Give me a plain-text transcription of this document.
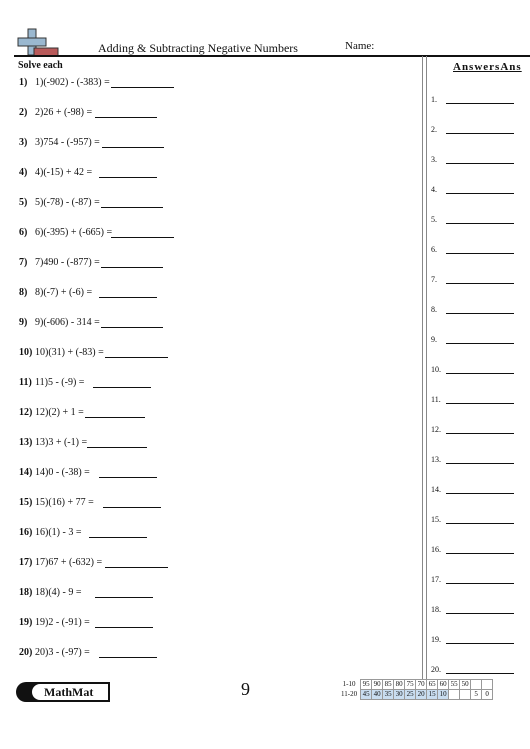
Adding & Subtracting Negative Numbers	Name:
Solve each	AnswersAns
1) 1)(-902) - (-383) =
2) 2)26 + (-98) =
3) 3)754 - (-957) =
4) 4)(-15) + 42 =
5) 5)(-78) - (-87) =
6) 6)(-395) + (-665) =
7) 7)490 - (-877) =
8) 8)(-7) + (-6) =
9) 9)(-606) - 314 =
10) 10)(31) + (-83) =
11) 11)5 - (-9) =
12) 12)(2) + 1 =
13) 13)3 + (-1) =
14) 14)0 - (-38) =
15) 15)(16) + 77 =
16) 16)(1) - 3 =
17) 17)67 + (-632) =
18) 18)(4) - 9 =
19) 19)2 - (-91) =
20) 20)3 - (-97) =
1.
2.
3.
4.
5.
6.
7.
8.
9.
10.
11.
12.
13.
14.
15.
16.
17.
18.
19.
20.
MathMat	9	1-10	95	90	85	80	75	70	65	60	55	50		
11-20	45	40	35	30	25	20	15	10			5	0
